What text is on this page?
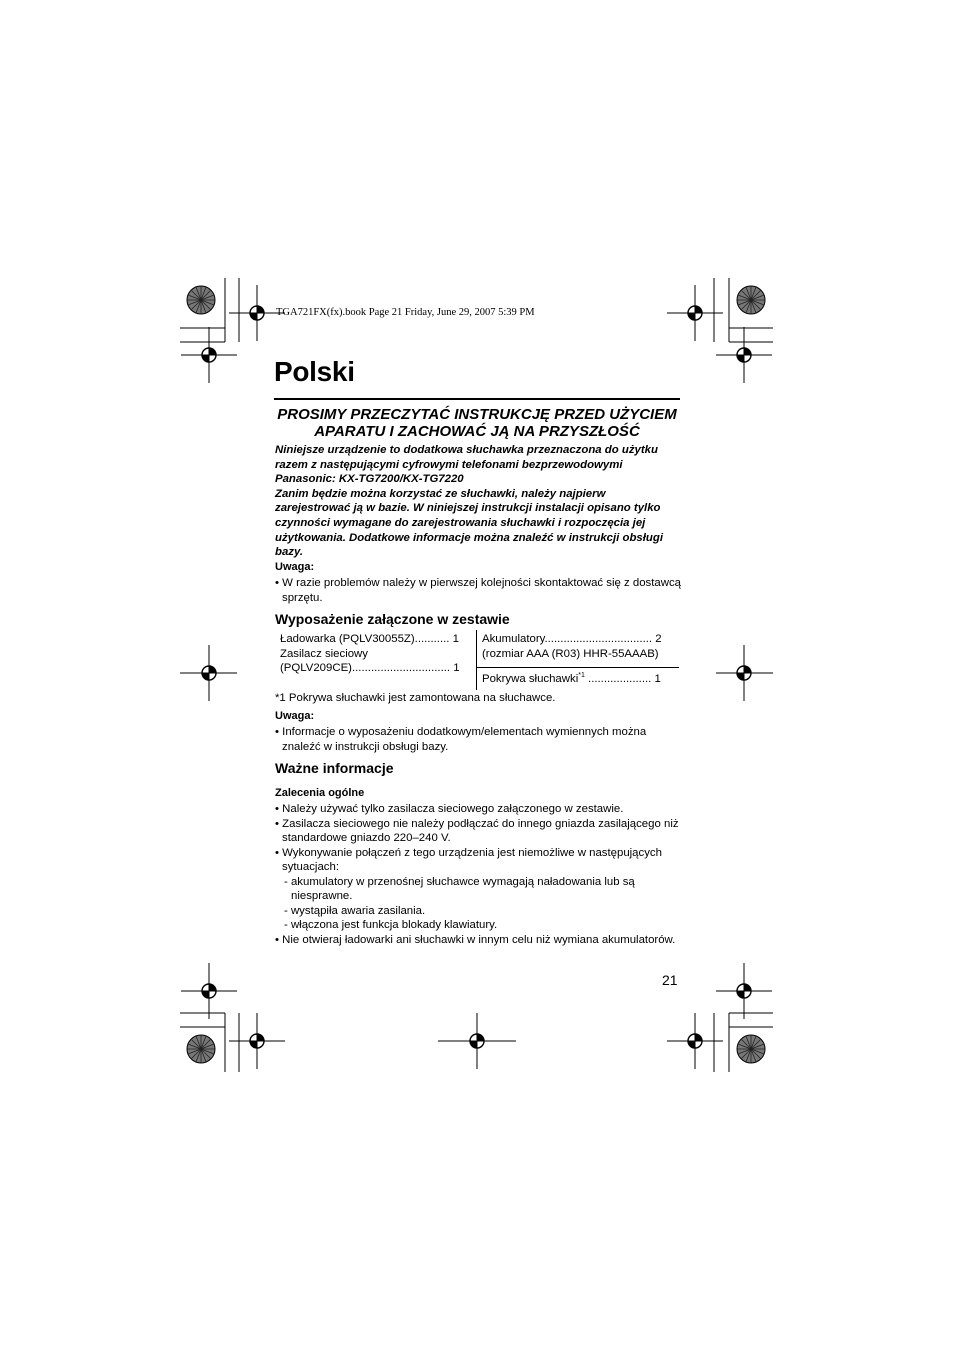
TGA721FX(fx).book Page 21 Friday, June 29, 2007 5:39 PM
Polski
PROSIMY PRZECZYTAĆ INSTRUKCJĘ PRZED UŻYCIEM
APARATU I ZACHOWAĆ JĄ NA PRZYSZŁOŚĆ

Niniejsze urządzenie to dodatkowa słuchawka przeznaczona do użytku razem z następującymi cyfrowymi telefonami bezprzewodowymi Panasonic: KX-TG7200/KX-TG7220

Zanim będzie można korzystać ze słuchawki, należy najpierw zarejestrować ją w bazie. W niniejszej instrukcji instalacji opisano tylko czynności wymagane do zarejestrowania słuchawki i rozpoczęcia jej użytkowania. Dodatkowe informacje można znaleźć w instrukcji obsługi bazy.

Uwaga:
• W razie problemów należy w pierwszej kolejności skontaktować się z dostawcą sprzętu.
Wyposażenie załączone w zestawie
Ładowarka (PQLV30055Z)........... 1
Zasilacz sieciowy
(PQLV209CE)............................... 1
Akumulatory.................................. 2
(rozmiar AAA (R03) HHR-55AAAB)
Pokrywa słuchawki$^{*1}$ .................... 1
*1 Pokrywa słuchawki jest zamontowana na słuchawce.
Uwaga:
• Informacje o wyposażeniu dodatkowym/elementach wymiennych można znaleźć w instrukcji obsługi bazy.
Ważne informacje
Zalecenia ogólne
• Należy używać tylko zasilacza sieciowego załączonego w zestawie.
• Zasilacza sieciowego nie należy podłączać do innego gniazda zasilającego niż standardowe gniazdo 220–240 V.
• Wykonywanie połączeń z tego urządzenia jest niemożliwe w następujących sytuacjach:
- akumulatory w przenośnej słuchawce wymagają naładowania lub są niesprawne.
- wystąpiła awaria zasilania.
- włączona jest funkcja blokady klawiatury.
• Nie otwieraj ładowarki ani słuchawki w innym celu niż wymiana akumulatorów.
21
